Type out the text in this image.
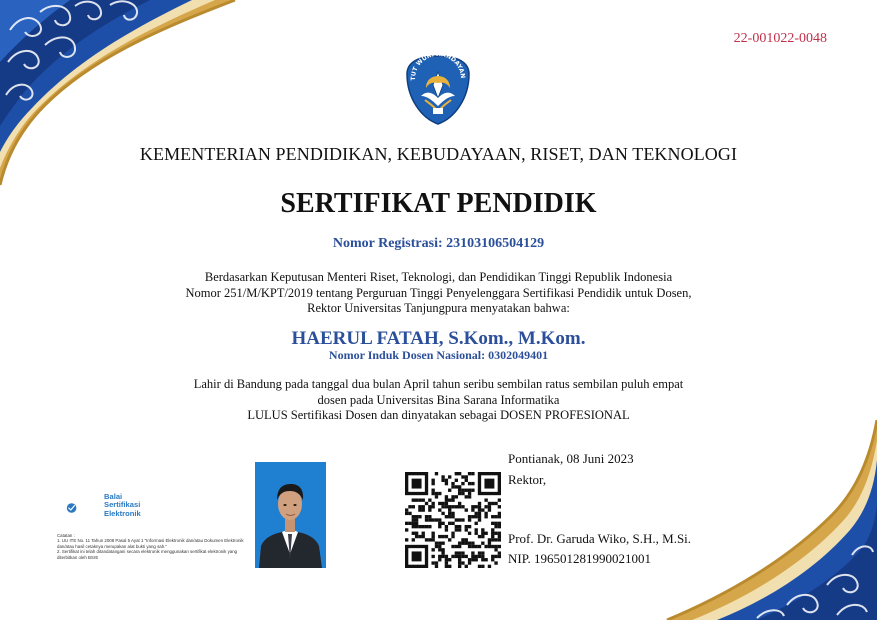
22-001022-0048
TUT WURI HANDAYAN
KEMENTERIAN PENDIDIKAN, KEBUDAYAAN, RISET, DAN TEKNOLOGI
SERTIFIKAT PENDIDIK
Nomor Registrasi: 23103106504129
Berdasarkan Keputusan Menteri Riset, Teknologi, dan Pendidikan Tinggi Republik Indonesia
Nomor 251/M/KPT/2019 tentang Perguruan Tinggi Penyelenggara Sertifikasi Pendidik untuk Dosen,
Rektor Universitas Tanjungpura menyatakan bahwa:
HAERUL FATAH, S.Kom., M.Kom.
Nomor Induk Dosen Nasional: 0302049401
Lahir di Bandung pada tanggal dua bulan April tahun seribu sembilan ratus sembilan puluh empat
dosen pada Universitas Bina Sarana Informatika
LULUS Sertifikasi Dosen dan dinyatakan sebagai DOSEN PROFESIONAL
Pontianak, 08 Juni 2023
Rektor,
Prof. Dr. Garuda Wiko, S.H., M.Si.
NIP. 196501281990021001
Balai
Sertifikasi
Elektronik
Catatan :
1. UU ITE No. 11 Tahun 2008 Pasal 5 Ayat 1 "Informasi Elektronik dan/atau Dokumen Elektronik dan/atau hasil cetaknya merupakan alat bukti yang sah."
2. Sertifikat ini telah ditandatangani secara elektronik menggunakan sertifikat elektronik yang diterbitkan oleh BSrE
